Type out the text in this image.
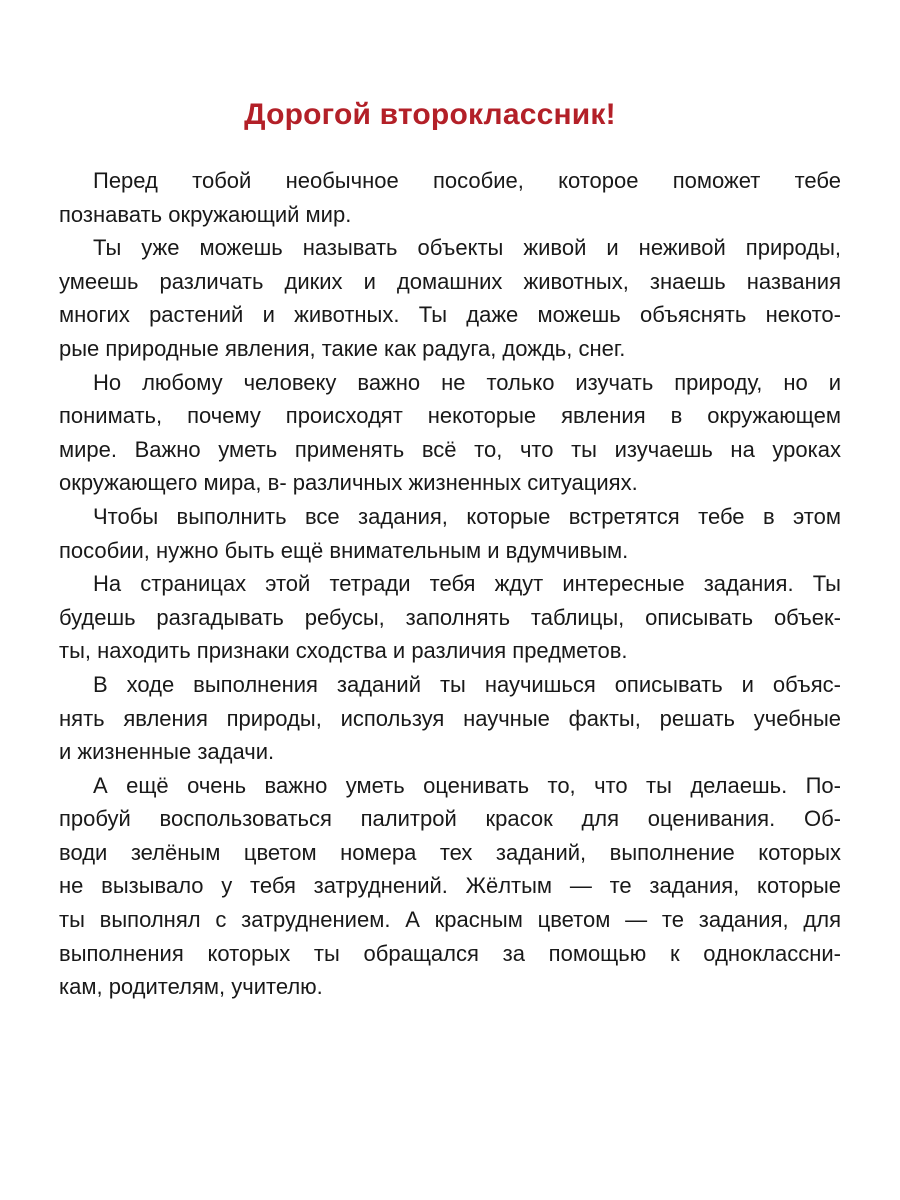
Дорогой второклассник!
Перед тобой необычное пособие, которое поможет тебе
познавать окружающий мир.
Ты уже можешь называть объекты живой и неживой природы,
умеешь различать диких и домашних животных, знаешь названия
многих растений и животных. Ты даже можешь объяснять некото-
рые природные явления, такие как радуга, дождь, снег.
Но любому человеку важно не только изучать природу, но и
понимать, почему происходят некоторые явления в окружающем
мире. Важно уметь применять всё то, что ты изучаешь на уроках
окружающего мира, в- различных жизненных ситуациях.
Чтобы выполнить все задания, которые встретятся тебе в этом
пособии, нужно быть ещё внимательным и вдумчивым.
На страницах этой тетради тебя ждут интересные задания. Ты
будешь разгадывать ребусы, заполнять таблицы, описывать объек-
ты, находить признаки сходства и различия предметов.
В ходе выполнения заданий ты научишься описывать и объяс-
нять явления природы, используя научные факты, решать учебные
и жизненные задачи.
А ещё очень важно уметь оценивать то, что ты делаешь. По-
пробуй воспользоваться палитрой красок для оценивания. Об-
води зелёным цветом номера тех заданий, выполнение которых
не вызывало у тебя затруднений. Жёлтым — те задания, которые
ты выполнял с затруднением. А красным цветом — те задания, для
выполнения которых ты обращался за помощью к одноклассни-
кам, родителям, учителю.
